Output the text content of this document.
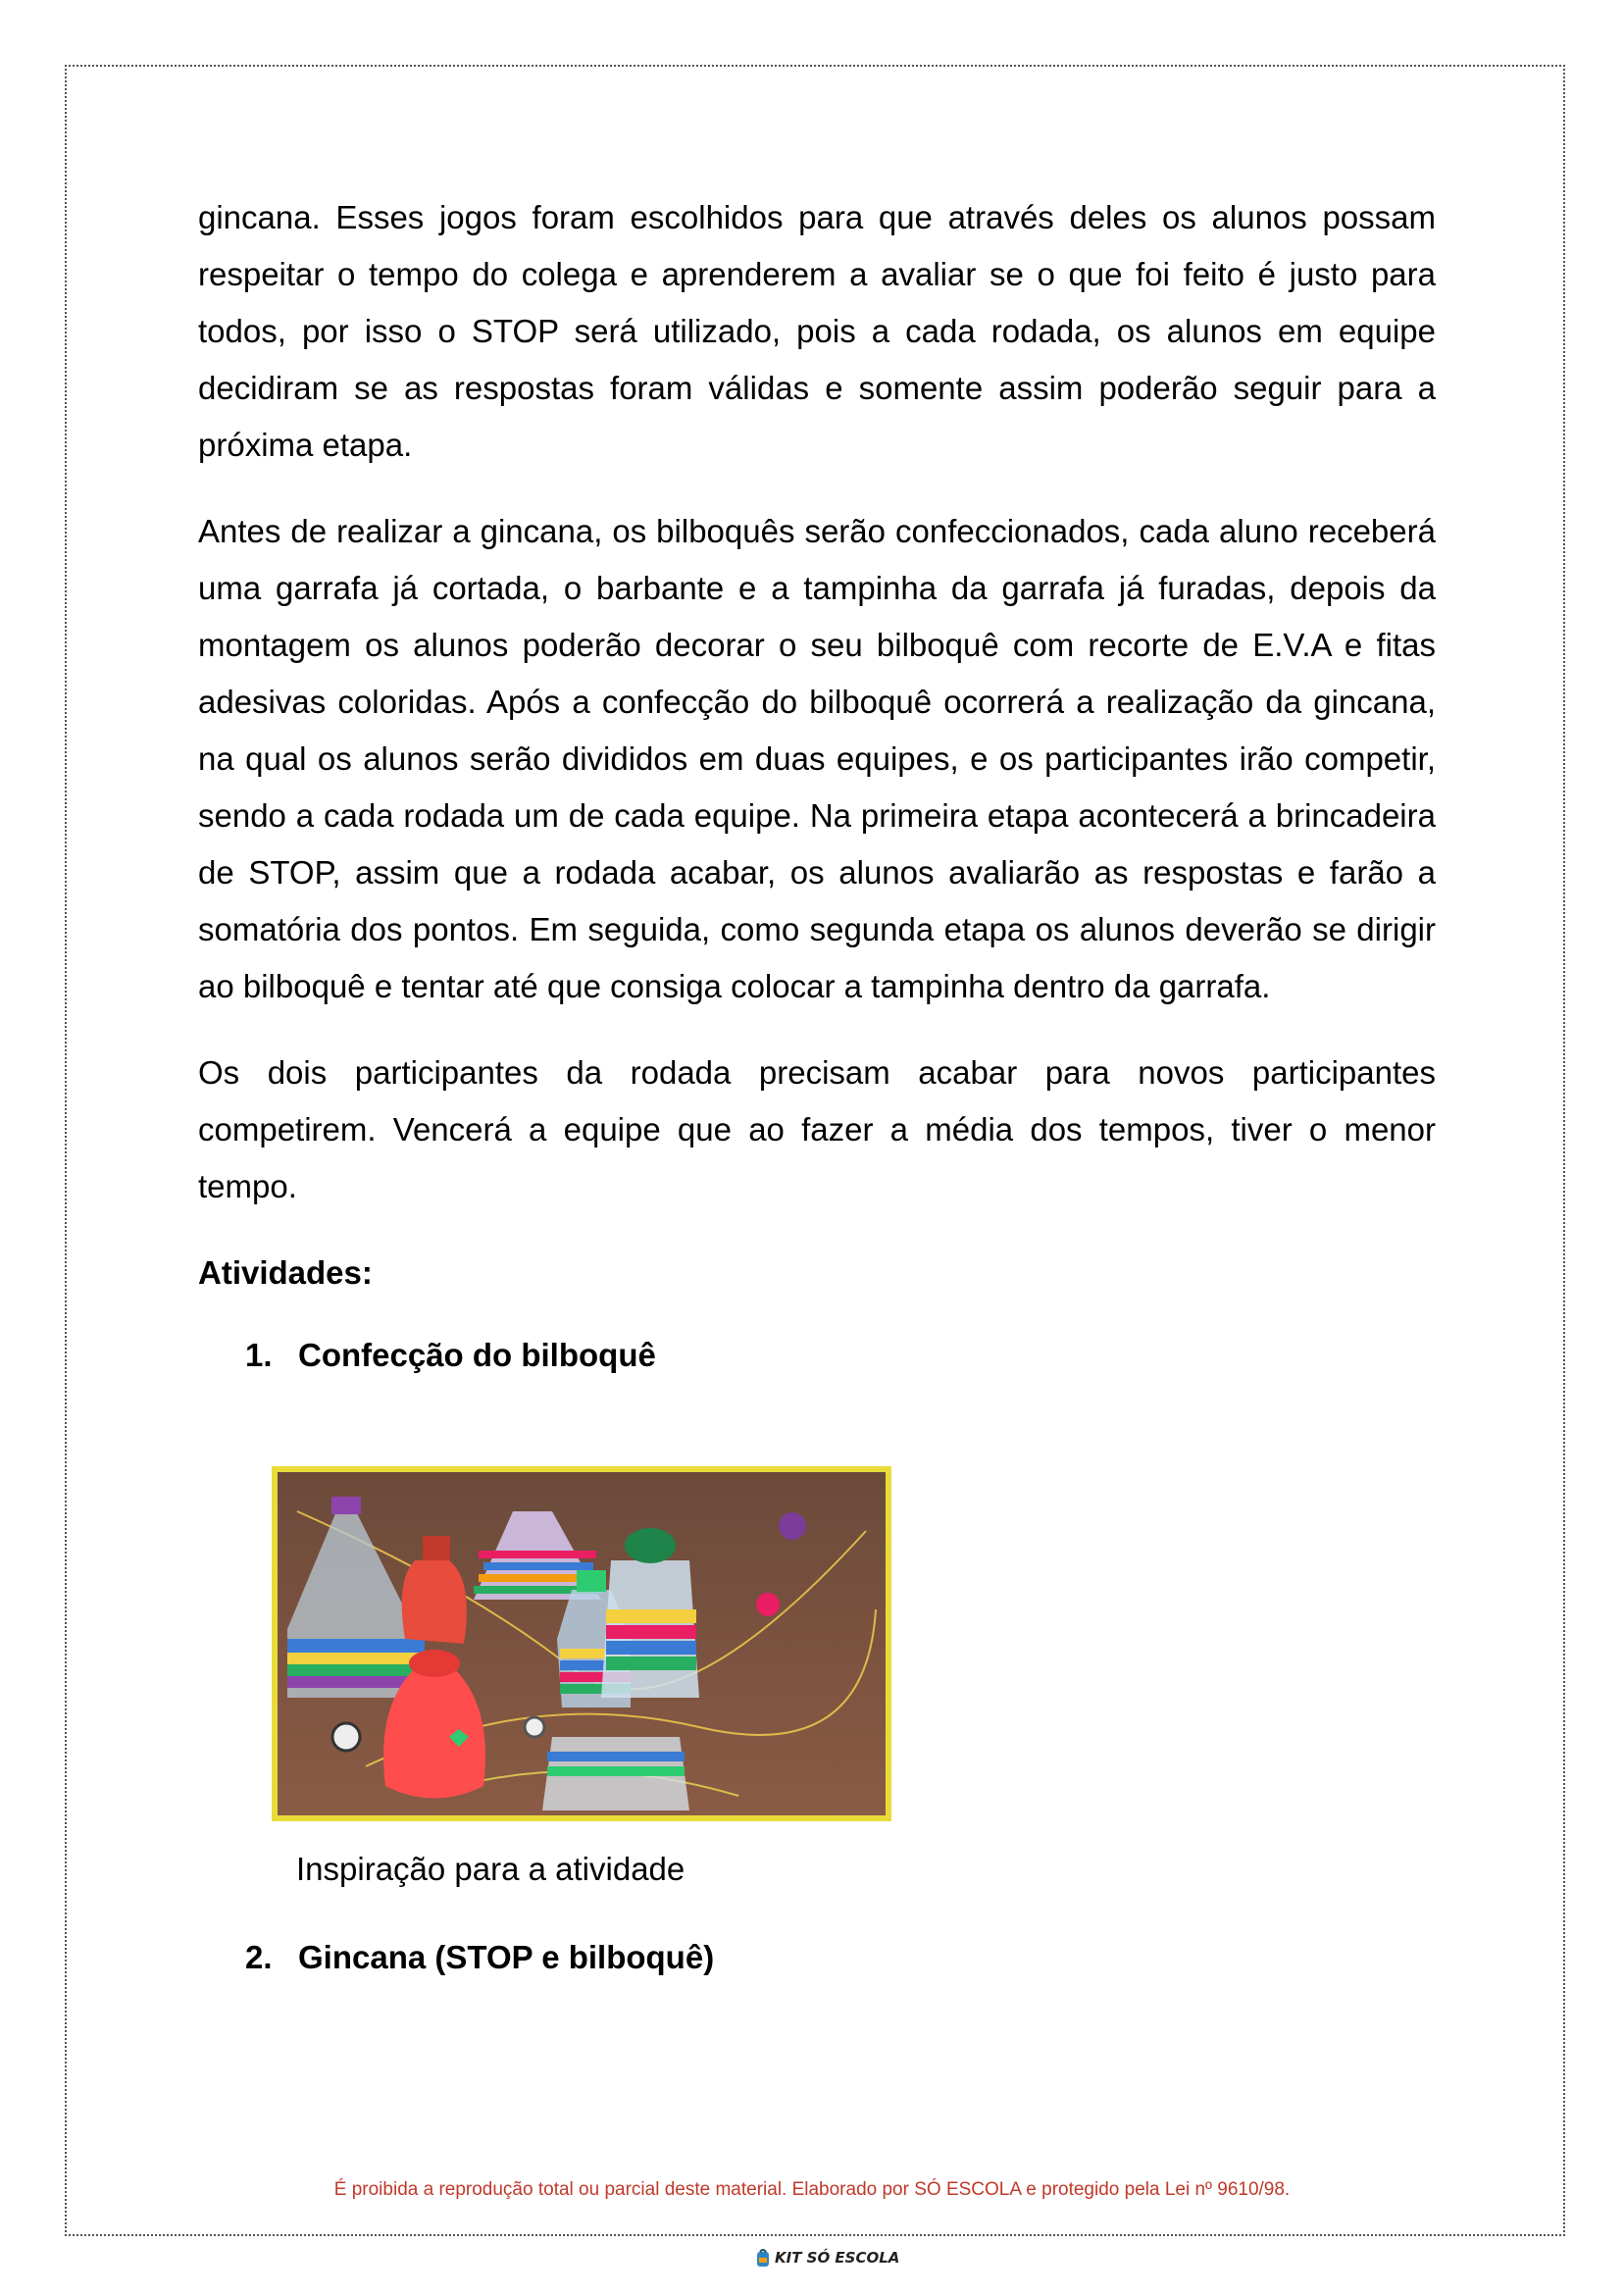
gincana. Esses jogos foram escolhidos para que através deles os alunos possam respeitar o tempo do colega e aprenderem a avaliar se o que foi feito é justo para todos, por isso o STOP será utilizado, pois a cada rodada, os alunos em equipe decidiram se as respostas foram válidas e somente assim poderão seguir para a próxima etapa.

Antes de realizar a gincana, os bilboquês serão confeccionados, cada aluno receberá uma garrafa já cortada, o barbante e a tampinha da garrafa já furadas, depois da montagem os alunos poderão decorar o seu bilboquê com recorte de E.V.A e fitas adesivas coloridas. Após a confecção do bilboquê ocorrerá a realização da gincana, na qual os alunos serão divididos em duas equipes, e os participantes irão competir, sendo a cada rodada um de cada equipe. Na primeira etapa acontecerá a brincadeira de STOP, assim que a rodada acabar, os alunos avaliarão as respostas e farão a somatória dos pontos. Em seguida, como segunda etapa os alunos deverão se dirigir ao bilboquê e tentar até que consiga colocar a tampinha dentro da garrafa.

Os dois participantes da rodada precisam acabar para novos participantes competirem. Vencerá a equipe que ao fazer a média dos tempos, tiver o menor tempo.

Atividades:

1. Confecção do bilboquê
Inspiração para a atividade
2. Gincana (STOP e bilboquê)
É proibida a reprodução total ou parcial deste material. Elaborado por SÓ ESCOLA e protegido pela Lei nº 9610/98.
KIT SÓ ESCOLA
